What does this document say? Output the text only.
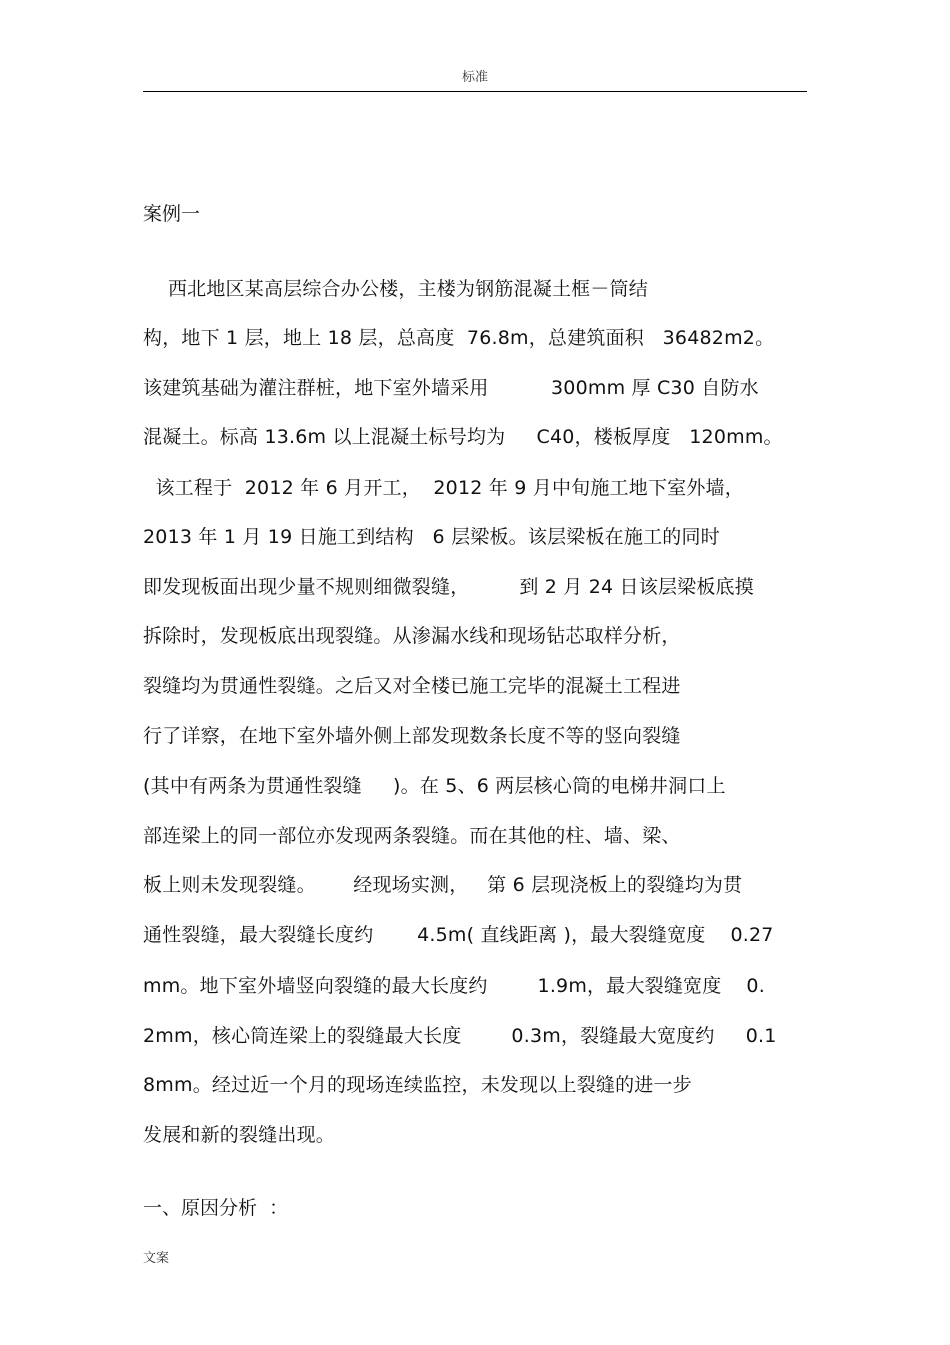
标准
案例一
西北地区某高层综合办公楼，主楼为钢筋混凝土框－筒结
构，地下 1 层，地上 18 层，总高度  76.8m，总建筑面积   36482m2。
该建筑基础为灌注群桩，地下室外墙采用          300mm 厚 C30 自防水
混凝土。标高 13.6m 以上混凝土标号均为     C40，楼板厚度   120mm。
该工程于  2012 年 6 月开工，  2012 年 9 月中旬施工地下室外墙，
2013 年 1 月 19 日施工到结构   6 层梁板。该层梁板在施工的同时
即发现板面出现少量不规则细微裂缝，        到 2 月 24 日该层梁板底摸
拆除时，发现板底出现裂缝。从渗漏水线和现场钻芯取样分析，
裂缝均为贯通性裂缝。之后又对全楼已施工完毕的混凝土工程进
行了详察，在地下室外墙外侧上部发现数条长度不等的竖向裂缝
(其中有两条为贯通性裂缝     )。在 5、6 两层核心筒的电梯井洞口上
部连梁上的同一部位亦发现两条裂缝。而在其他的柱、墙、梁、
板上则未发现裂缝。      经现场实测，   第 6 层现浇板上的裂缝均为贯
通性裂缝，最大裂缝长度约       4.5m( 直线距离 )，最大裂缝宽度    0.27
mm。地下室外墙竖向裂缝的最大长度约        1.9m，最大裂缝宽度    0.
2mm，核心筒连梁上的裂缝最大长度        0.3m，裂缝最大宽度约     0.1
8mm。经过近一个月的现场连续监控，未发现以上裂缝的进一步
发展和新的裂缝出现。
一、原因分析  ：
文案
